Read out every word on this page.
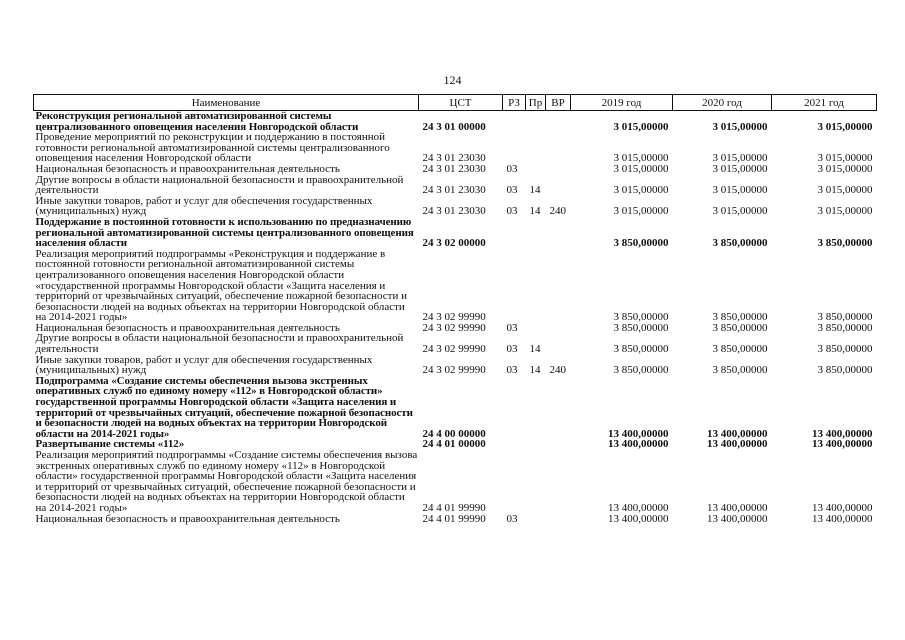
124
Наименование	ЦСТ	РЗ	Пр	ВР	2019 год	2020 год	2021 год
Реконструкция региональной автоматизированной системы централизованного оповещения населения Новгородской области	24 3 01 00000				3 015,00000	3 015,00000	3 015,00000
Проведение мероприятий по реконструкции и поддержанию в постоянной готовности региональной автоматизированной системы централизованного оповещения населения Новгородской области	24 3 01 23030				3 015,00000	3 015,00000	3 015,00000
Национальная безопасность и правоохранительная деятельность	24 3 01 23030	03			3 015,00000	3 015,00000	3 015,00000
Другие вопросы в области национальной безопасности и правоохранительной деятельности	24 3 01 23030	03	14		3 015,00000	3 015,00000	3 015,00000
Иные закупки товаров, работ и услуг для обеспечения государственных (муниципальных) нужд	24 3 01 23030	03	14	240	3 015,00000	3 015,00000	3 015,00000
Поддержание в постоянной готовности к использованию по предназначению региональной автоматизированной системы централизованного оповещения населения области	24 3 02 00000				3 850,00000	3 850,00000	3 850,00000
Реализация мероприятий подпрограммы «Реконструкция и поддержание в постоянной готовности региональной автоматизированной системы централизованного оповещения населения Новгородской области «государственной программы Новгородской области «Защита населения и территорий от чрезвычайных ситуаций, обеспечение пожарной безопасности и безопасности людей на водных объектах на территории Новгородской области на 2014-2021 годы»	24 3 02 99990				3 850,00000	3 850,00000	3 850,00000
Национальная безопасность и правоохранительная деятельность	24 3 02 99990	03			3 850,00000	3 850,00000	3 850,00000
Другие вопросы в области национальной безопасности и правоохранительной деятельности	24 3 02 99990	03	14		3 850,00000	3 850,00000	3 850,00000
Иные закупки товаров, работ и услуг для обеспечения государственных (муниципальных) нужд	24 3 02 99990	03	14	240	3 850,00000	3 850,00000	3 850,00000
Подпрограмма «Создание системы обеспечения вызова экстренных оперативных служб по единому номеру «112» в Новгородской области» государственной программы Новгородской области «Защита населения и территорий от чрезвычайных ситуаций, обеспечение пожарной безопасности и безопасности людей на водных объектах на территории Новгородской области на 2014-2021 годы»	24 4 00 00000				13 400,00000	13 400,00000	13 400,00000
Развертывание системы «112»	24 4 01 00000				13 400,00000	13 400,00000	13 400,00000
Реализация мероприятий подпрограммы «Создание системы обеспечения вызова экстренных оперативных служб по единому номеру «112» в Новгородской области» государственной программы Новгородской области «Защита населения и территорий от чрезвычайных ситуаций, обеспечение пожарной безопасности и безопасности людей на водных объектах на территории Новгородской области на 2014-2021 годы»	24 4 01 99990				13 400,00000	13 400,00000	13 400,00000
Национальная безопасность и правоохранительная деятельность	24 4 01 99990	03			13 400,00000	13 400,00000	13 400,00000
